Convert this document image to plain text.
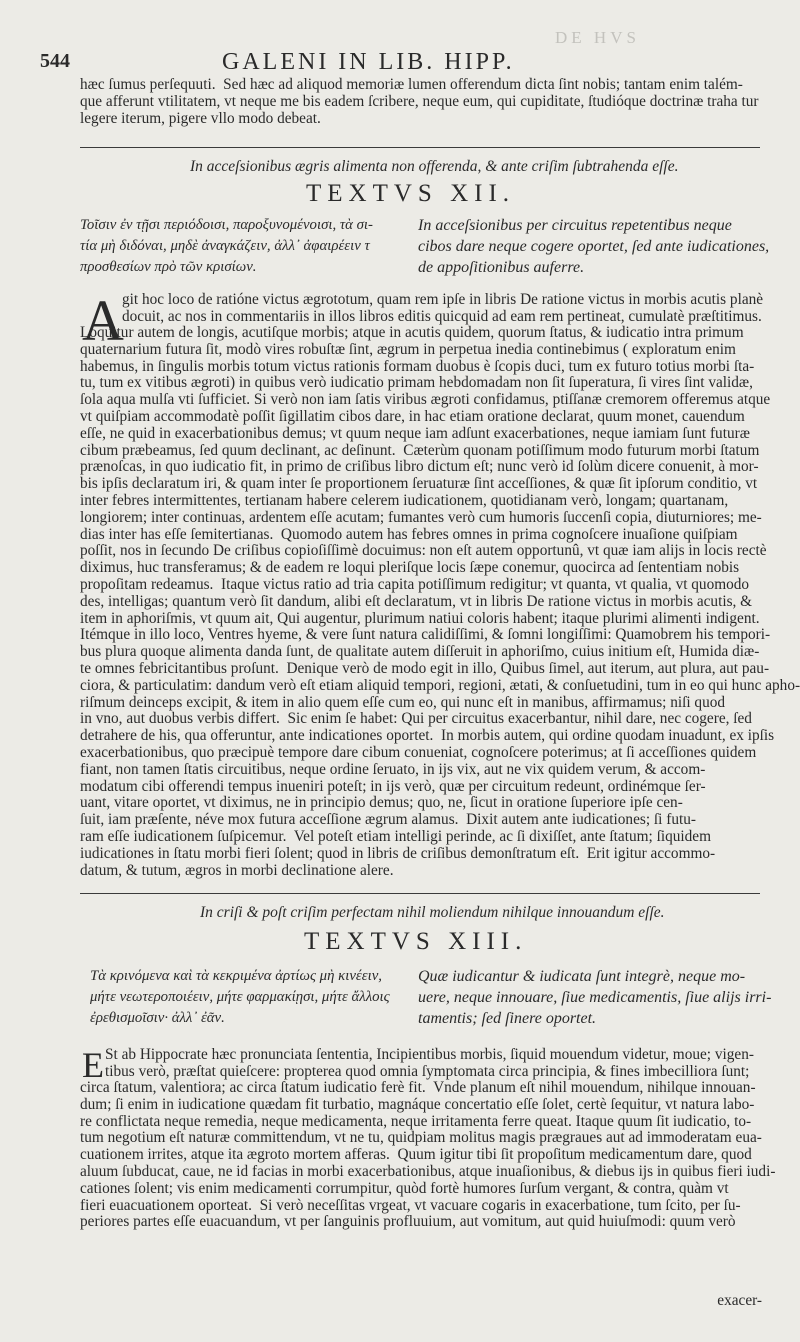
DE HVS
544	GALENI IN LIB. HIPP.
hæc ſumus perſequuti.  Sed hæc ad aliquod memoriæ lumen offerendum dicta ſint nobis; tantam enim talém-
que afferunt vtilitatem, vt neque me bis eadem ſcribere, neque eum, qui cupiditate, ſtudióque doctrinæ traha tur
legere iterum, pigere vllo modo debeat.
In acceſsionibus ægris alimenta non offerenda, & ante criſim ſubtrahenda eſſe.
TEXTVS XII.
Τοῖσιν ἐν τῇσι περιόδοισι, παροξυνομένοισι, τὰ σι-
τία μὴ διδόναι, μηδὲ ἀναγκάζειν, ἀλλ᾽ ἀφαιρέειν τ
προσθεσίων πρὸ τῶν κρισίων.
In acceſsionibus per circuitus repetentibus neque
cibos dare neque cogere oportet, ſed ante iudicationes,
de appoſitionibus auferre.
A
git hoc loco de ratióne victus ægrototum, quam rem ipſe in libris De ratione victus in morbis acutis planè
docuit, ac nos in commentariis in illos libros editis quicquid ad eam rem pertineat, cumulatè præſtitimus.
Loquitur autem de longis, acutiſque morbis; atque in acutis quidem, quorum ſtatus, & iudicatio intra primum
quaternarium futura ſit, modò vires robuſtæ ſint, ægrum in perpetua inedia continebimus ( exploratum enim
habemus, in ſingulis morbis totum victus rationis formam duobus è ſcopis duci, tum ex futuro totius morbi ſta-
tu, tum ex vitibus ægroti) in quibus verò iudicatio primam hebdomadam non ſit ſuperatura, ſi vires ſint validæ,
ſola aqua mulſa vti ſufficiet. Si verò non iam ſatis viribus ægroti confidamus, ptiſſanæ cremorem offeremus atque
vt quiſpiam accommodatè poſſit ſigillatim cibos dare, in hac etiam oratione declarat, quum monet, cauendum
eſſe, ne quid in exacerbationibus demus; vt quum neque iam adſunt exacerbationes, neque iamiam ſunt futuræ
cibum præbeamus, ſed quum declinant, ac deſinunt.  Cæterùm quonam potiſſimum modo futurum morbi ſtatum
prænoſcas, in quo iudicatio fit, in primo de criſibus libro dictum eſt; nunc verò id ſolùm dicere conuenit, à mor-
bis ipſis declaratum iri, & quam inter ſe proportionem ſeruaturæ ſint acceſſiones, & quæ ſit ipſorum conditio, vt
inter febres intermittentes, tertianam habere celerem iudicationem, quotidianam verò, longam; quartanam,
longiorem; inter continuas, ardentem eſſe acutam; fumantes verò cum humoris ſuccenſi copia, diuturniores; me-
dias inter has eſſe ſemitertianas.  Quomodo autem has febres omnes in prima cognoſcere inuaſione quiſpiam
poſſit, nos in ſecundo De criſibus copioſiſſimè docuimus: non eſt autem opportunû, vt quæ iam alijs in locis rectè
diximus, huc transferamus; & de eadem re loqui pleriſque locis ſæpe conemur, quocirca ad ſententiam nobis
propoſitam redeamus.  Itaque victus ratio ad tria capita potiſſimum redigitur; vt quanta, vt qualia, vt quomodo
des, intelligas; quantum verò ſit dandum, alibi eſt declaratum, vt in libris De ratione victus in morbis acutis, &
item in aphoriſmis, vt quum ait, Qui augentur, plurimum natiui coloris habent; itaque plurimi alimenti indigent.
Itémque in illo loco, Ventres hyeme, & vere ſunt natura calidiſſimi, & ſomni longiſſimi: Quamobrem his tempori-
bus plura quoque alimenta danda ſunt, de qualitate autem diſſeruit in aphoriſmo, cuius initium eſt, Humida diæ-
te omnes febricitantibus proſunt.  Denique verò de modo egit in illo, Quibus ſimel, aut iterum, aut plura, aut pau-
ciora, & particulatim: dandum verò eſt etiam aliquid tempori, regioni, ætati, & conſuetudini, tum in eo qui hunc apho-
riſmum deinceps excipit, & item in alio quem eſſe cum eo, qui nunc eſt in manibus, affirmamus; niſi quod
in vno, aut duobus verbis differt.  Sic enim ſe habet: Qui per circuitus exacerbantur, nihil dare, nec cogere, ſed
detrahere de his, qua offeruntur, ante indicationes oportet.  In morbis autem, qui ordine quodam inuadunt, ex ipſis
exacerbationibus, quo præcipuè tempore dare cibum conueniat, cognoſcere poterimus; at ſi acceſſiones quidem
fiant, non tamen ſtatis circuitibus, neque ordine ſeruato, in ijs vix, aut ne vix quidem verum, & accom-
modatum cibi offerendi tempus inueniri poteſt; in ijs verò, quæ per circuitum redeunt, ordinémque ſer-
uant, vitare oportet, vt diximus, ne in principio demus; quo, ne, ſicut in oratione ſuperiore ipſe cen-
ſuit, iam præſente, néve mox futura acceſſione ægrum alamus.  Dixit autem ante iudicationes; ſi futu-
ram eſſe iudicationem ſuſpicemur.  Vel poteſt etiam intelligi perinde, ac ſi dixiſſet, ante ſtatum; ſiquidem
iudicationes in ſtatu morbi fieri ſolent; quod in libris de criſibus demonſtratum eſt.  Erit igitur accommo-
datum, & tutum, ægros in morbi declinatione alere.
In criſi & poſt criſim perfectam nihil moliendum nihilque innouandum eſſe.
TEXTVS XIII.
Τὰ κρινόμενα καὶ τὰ κεκριμένα ἀρτίως μὴ κινέειν,
μήτε νεωτεροποιέειν, μήτε φαρμακίῃσι, μήτε ἄλλοις
ἐρεθισμοῖσιν· ἀλλ᾽ ἐᾶν.
Quæ iudicantur & iudicata ſunt integrè, neque mo-
uere, neque innouare, ſiue medicamentis, ſiue alijs irri-
tamentis; ſed ſinere oportet.
E St ab Hippocrate hæc pronunciata ſententia, Incipientibus morbis, ſiquid mouendum videtur, moue; vigen-
tibus verò, præſtat quieſcere: propterea quod omnia ſymptomata circa principia, & fines imbecilliora ſunt;
circa ſtatum, valentiora; ac circa ſtatum iudicatio ferè fit.  Vnde planum eſt nihil mouendum, nihilque innouan-
dum; ſi enim in iudicatione quædam fit turbatio, magnáque concertatio eſſe ſolet, certè ſequitur, vt natura labo-
re conflictata neque remedia, neque medicamenta, neque irritamenta ferre queat. Itaque quum ſit iudicatio, to-
tum negotium eſt naturæ committendum, vt ne tu, quidpiam molitus magis prægraues aut ad immoderatam eua-
cuationem irrites, atque ita ægroto mortem afferas.  Quum igitur tibi ſit propoſitum medicamentum dare, quod
aluum ſubducat, caue, ne id facias in morbi exacerbationibus, atque inuaſionibus, & diebus ijs in quibus fieri iudi-
cationes ſolent; vis enim medicamenti corrumpitur, quòd fortè humores ſurſum vergant, & contra, quàm vt
fieri euacuationem oporteat.  Si verò neceſſitas vrgeat, vt vacuare cogaris in exacerbatione, tum ſcito, per ſu-
periores partes eſſe euacuandum, vt per ſanguinis profluuium, aut vomitum, aut quid huiuſmodi: quum verò
exacer-
